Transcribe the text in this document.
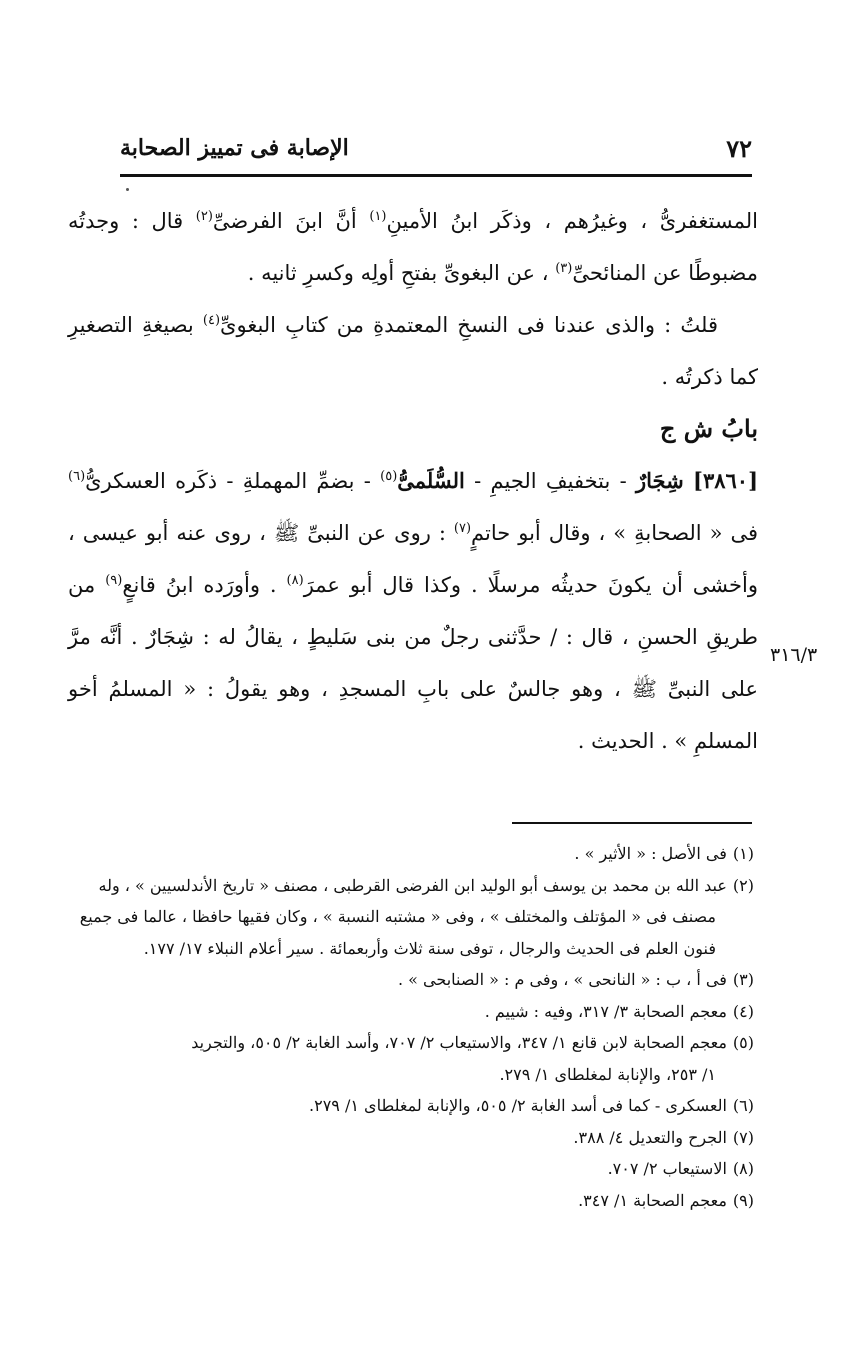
٧٢
الإصابة فى تمييز الصحابة

المستغفرىُّ ، وغيرُهم ، وذكَر ابنُ الأمينِ$^{(١)}$ أنَّ ابنَ الفرضىِّ$^{(٢)}$ قال : وجدتُه مضبوطًا عن المنائحىِّ$^{(٣)}$ ، عن البغوىِّ بفتحِ أولِه وكسرِ ثانيه .

قلتُ : والذى عندنا فى النسخِ المعتمدةِ من كتابِ البغوىِّ$^{(٤)}$ بصيغةِ التصغيرِ كما ذكرتُه .

بابُ ش ج

[٣٨٦٠] شِجَارٌ - بتخفيفِ الجيمِ - السُّلَمىُّ$^{(٥)}$ - بضمِّ المهملةِ - ذكَره العسكرىُّ$^{(٦)}$ فى « الصحابةِ » ، وقال أبو حاتمٍ$^{(٧)}$ : روى عن النبىِّ ﷺ ، روى عنه أبو عيسى ، وأخشى أن يكونَ حديثُه مرسلًا . وكذا قال أبو عمرَ$^{(٨)}$ . وأورَده ابنُ قانعٍ$^{(٩)}$ من طريقِ الحسنِ ، قال : / حدَّثنى رجلٌ من بنى سَليطٍ ، يقالُ له : شِجَارٌ . أنَّه مرَّ على النبىِّ ﷺ ، وهو جالسٌ على بابِ المسجدِ ، وهو يقولُ : « المسلمُ أخو المسلمِ » . الحديث .

٣١٦/٣

(١)فى الأصل : « الأثير » .

(٢)عبد الله بن محمد بن يوسف أبو الوليد ابن الفرضى القرطبى ، مصنف « تاريخ الأندلسيين » ، وله

مصنف فى « المؤتلف والمختلف » ، وفى « مشتبه النسبة » ، وكان فقيها حافظا ، عالما فى جميع

فنون العلم فى الحديث والرجال ، توفى سنة ثلاث وأربعمائة . سير أعلام النبلاء ١٧/ ١٧٧.

(٣)فى أ ، ب : « النانحى » ، وفى م : « الصنابحى » .

(٤)معجم الصحابة ٣/ ٣١٧، وفيه : شييم .

(٥)معجم الصحابة لابن قانع ١/ ٣٤٧، والاستيعاب ٢/ ٧٠٧، وأسد الغابة ٢/ ٥٠٥، والتجريد

١/ ٢٥٣، والإنابة لمغلطاى ١/ ٢٧٩.

(٦)العسكرى - كما فى أسد الغابة ٢/ ٥٠٥، والإنابة لمغلطاى ١/ ٢٧٩.

(٧)الجرح والتعديل ٤/ ٣٨٨.

(٨)الاستيعاب ٢/ ٧٠٧.

(٩)معجم الصحابة ١/ ٣٤٧.
